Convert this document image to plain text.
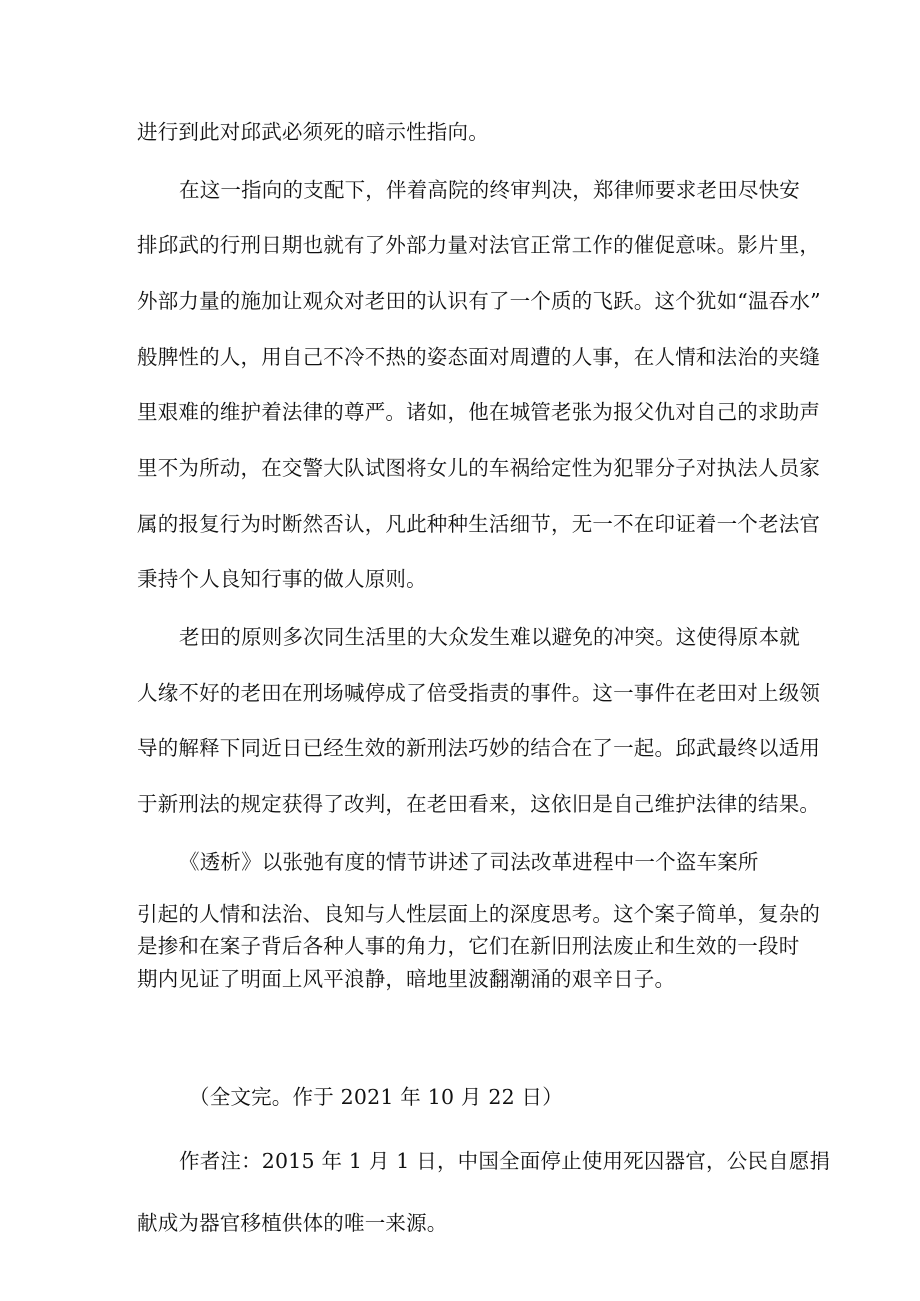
进行到此对邱武必须死的暗示性指向。
在这一指向的支配下，伴着高院的终审判决，郑律师要求老田尽快安
排邱武的行刑日期也就有了外部力量对法官正常工作的催促意味。影片里，
外部力量的施加让观众对老田的认识有了一个质的飞跃。这个犹如“温吞水”
般脾性的人，用自己不冷不热的姿态面对周遭的人事，在人情和法治的夹缝
里艰难的维护着法律的尊严。诸如，他在城管老张为报父仇对自己的求助声
里不为所动，在交警大队试图将女儿的车祸给定性为犯罪分子对执法人员家
属的报复行为时断然否认，凡此种种生活细节，无一不在印证着一个老法官
秉持个人良知行事的做人原则。
老田的原则多次同生活里的大众发生难以避免的冲突。这使得原本就
人缘不好的老田在刑场喊停成了倍受指责的事件。这一事件在老田对上级领
导的解释下同近日已经生效的新刑法巧妙的结合在了一起。邱武最终以适用
于新刑法的规定获得了改判，在老田看来，这依旧是自己维护法律的结果。
《透析》以张弛有度的情节讲述了司法改革进程中一个盗车案所
引起的人情和法治、良知与人性层面上的深度思考。这个案子简单，复杂的
是掺和在案子背后各种人事的角力，它们在新旧刑法废止和生效的一段时
期内见证了明面上风平浪静，暗地里波翻潮涌的艰辛日子。
（全文完。作于 2021 年 10 月 22 日）
作者注：2015 年 1 月 1 日，中国全面停止使用死囚器官，公民自愿捐
献成为器官移植供体的唯一来源。
